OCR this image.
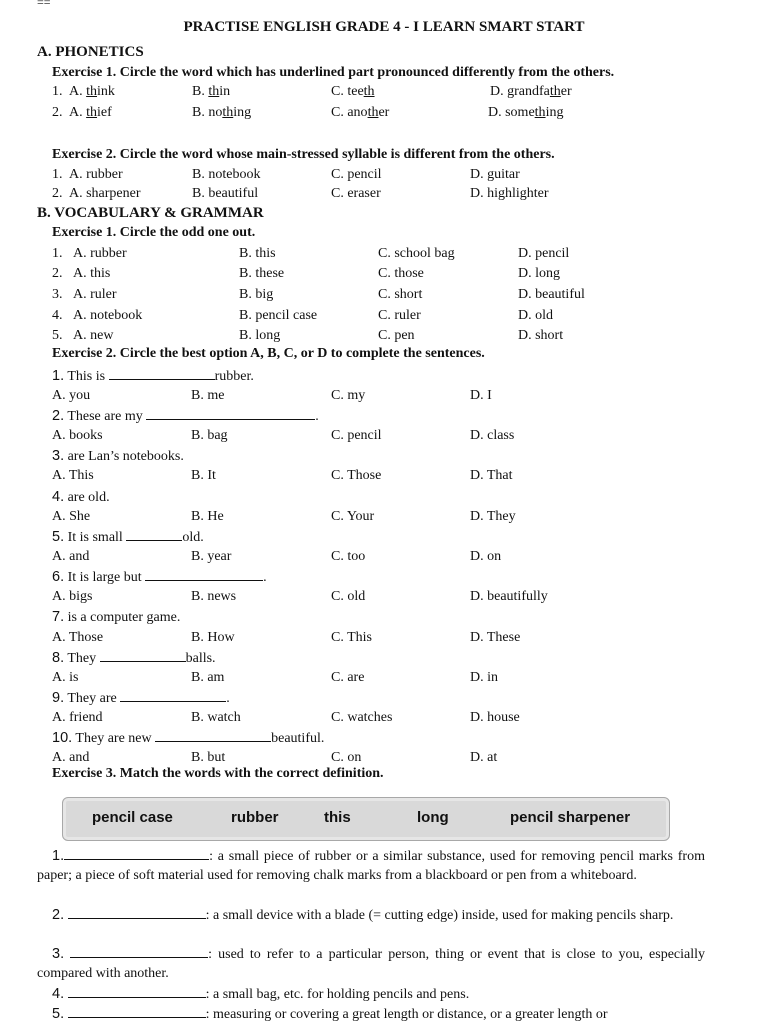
==
PRACTISE ENGLISH GRADE 4 - I LEARN SMART START
A. PHONETICS
Exercise 1. Circle the word which has underlined part pronounced differently from the others.
1. A. think	B. thin	C. teeth	D. grandfather
2. A. thief	B. nothing	C. another	D. something
Exercise 2. Circle the word whose main-stressed syllable is different from the others.
1. A. rubber	B. notebook	C. pencil	D. guitar
2. A. sharpener	B. beautiful	C. eraser	D. highlighter
B. VOCABULARY & GRAMMAR
Exercise 1. Circle the odd one out.
1. A. rubber	B. this	C. school bag	D. pencil
2. A. this	B. these	C. those	D. long
3. A. ruler	B. big	C. short	D. beautiful
4. A. notebook	B. pencil case	C. ruler	D. old
5. A. new	B. long	C. pen	D. short
Exercise 2. Circle the best option A, B, C, or D to complete the sentences.
1. This is	rubber.
A. you	B. me	C. my	D. I
2. These are my	.
A. books	B. bag	C. pencil	D. class
3. are Lan’s notebooks.
A. This	B. It	C. Those	D. That
4. are old.
A. She	B. He	C. Your	D. They
5. It is small	old.
A. and	B. year	C. too	D. on
6. It is large but	.
A. bigs	B. news	C. old	D. beautifully
7. is a computer game.
A. Those	B. How	C. This	D. These
8. They	balls.
A. is	B. am	C. are	D. in
9. They are	.
A. friend	B. watch	C. watches	D. house
10. They are new	beautiful.
A. and	B. but	C. on	D. at
Exercise 3. Match the words with the correct definition.
pencil case	rubber	this	long	pencil sharpener
1.	: a small piece of rubber or a similar substance, used for removing pencil marks from paper; a piece of soft material used for removing chalk marks from a blackboard or pen from a whiteboard.
2.	: a small device with a blade (= cutting edge) inside, used for making pencils sharp.
3.	: used to refer to a particular person, thing or event that is close to you, especially compared with another.
4.	: a small bag, etc. for holding pencils and pens.
5.	: measuring or covering a great length or distance, or a greater length or
